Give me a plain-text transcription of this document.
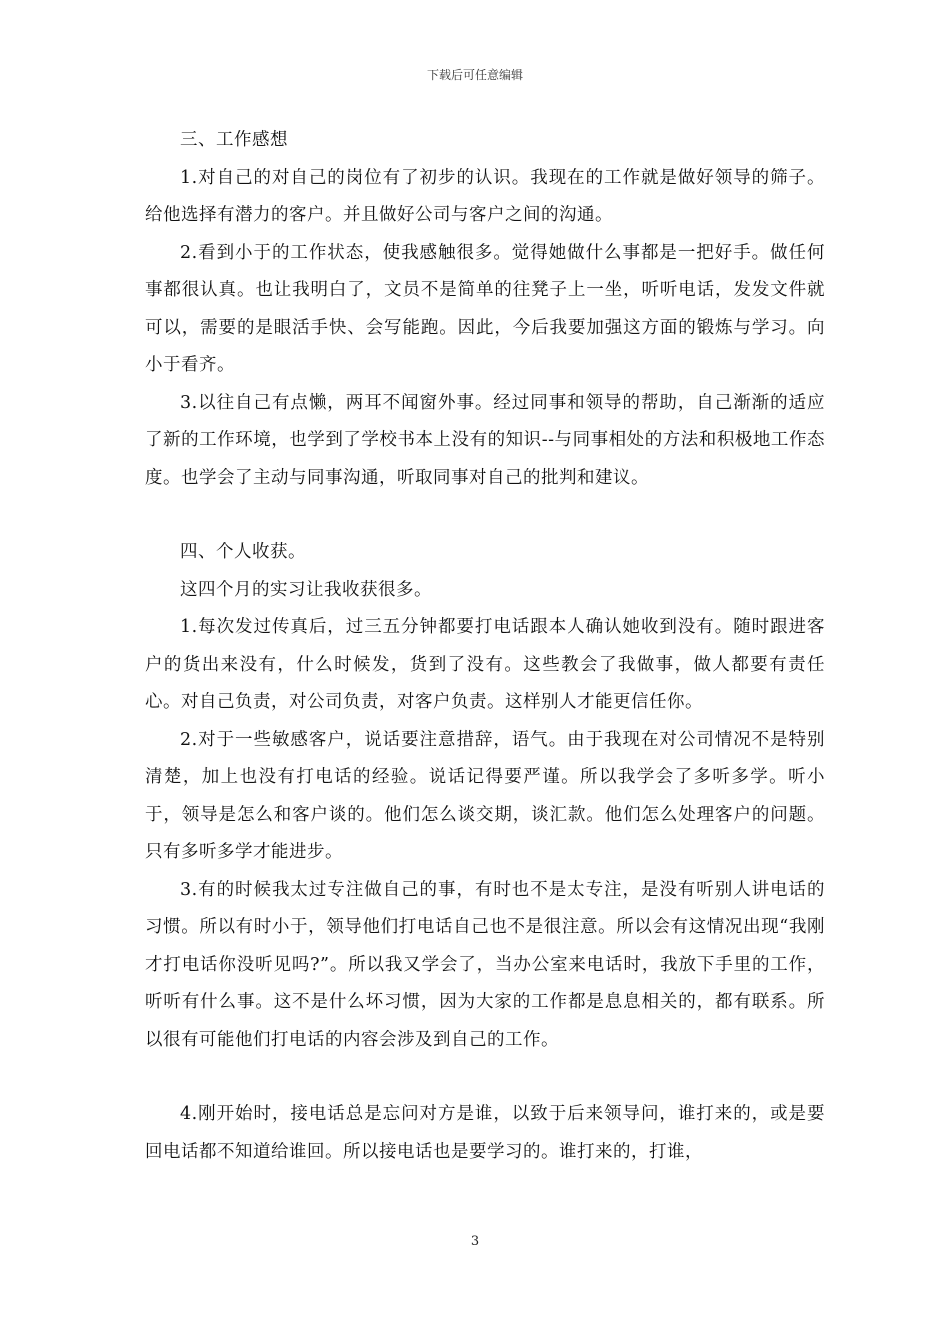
下载后可任意编辑

三、工作感想

1.对自己的对自己的岗位有了初步的认识。我现在的工作就是做好领导的筛子。给他选择有潜力的客户。并且做好公司与客户之间的沟通。

2.看到小于的工作状态，使我感触很多。觉得她做什么事都是一把好手。做任何事都很认真。也让我明白了，文员不是简单的往凳子上一坐，听听电话，发发文件就可以，需要的是眼活手快、会写能跑。因此，今后我要加强这方面的锻炼与学习。向小于看齐。

3.以往自己有点懒，两耳不闻窗外事。经过同事和领导的帮助，自己渐渐的适应了新的工作环境，也学到了学校书本上没有的知识--与同事相处的方法和积极地工作态度。也学会了主动与同事沟通，听取同事对自己的批判和建议。

四、个人收获。

这四个月的实习让我收获很多。

1.每次发过传真后，过三五分钟都要打电话跟本人确认她收到没有。随时跟进客户的货出来没有，什么时候发，货到了没有。这些教会了我做事，做人都要有责任心。对自己负责，对公司负责，对客户负责。这样别人才能更信任你。

2.对于一些敏感客户，说话要注意措辞，语气。由于我现在对公司情况不是特别清楚，加上也没有打电话的经验。说话记得要严谨。所以我学会了多听多学。听小于，领导是怎么和客户谈的。他们怎么谈交期，谈汇款。他们怎么处理客户的问题。只有多听多学才能进步。

3.有的时候我太过专注做自己的事，有时也不是太专注，是没有听别人讲电话的习惯。所以有时小于，领导他们打电话自己也不是很注意。所以会有这情况出现“我刚才打电话你没听见吗?”。所以我又学会了，当办公室来电话时，我放下手里的工作，听听有什么事。这不是什么坏习惯，因为大家的工作都是息息相关的，都有联系。所以很有可能他们打电话的内容会涉及到自己的工作。

4.刚开始时，接电话总是忘问对方是谁，以致于后来领导问，谁打来的，或是要回电话都不知道给谁回。所以接电话也是要学习的。谁打来的，打谁，

3
